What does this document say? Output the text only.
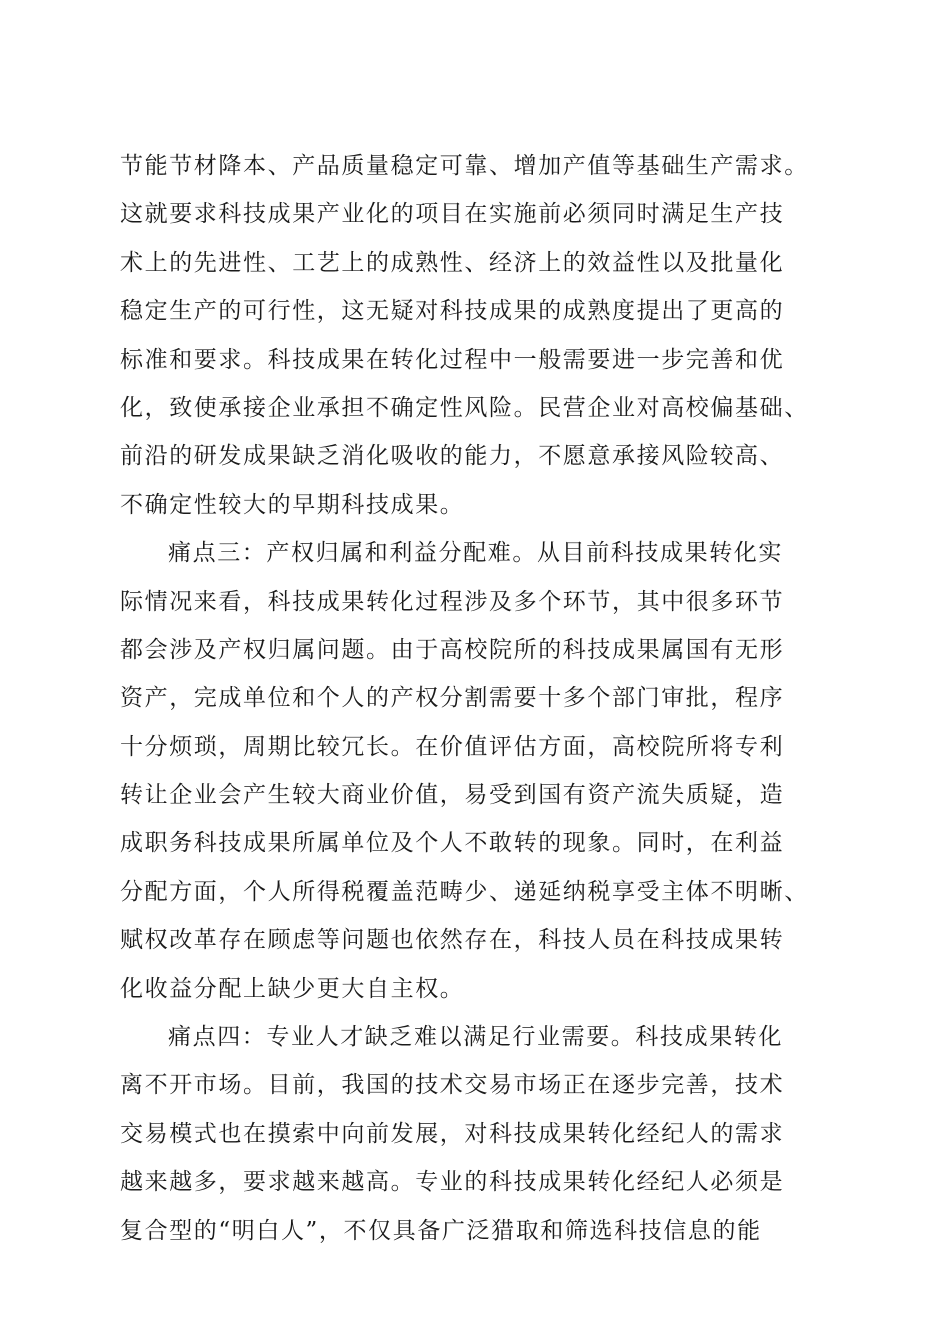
节能节材降本、产品质量稳定可靠、增加产值等基础生产需求。
这就要求科技成果产业化的项目在实施前必须同时满足生产技
术上的先进性、工艺上的成熟性、经济上的效益性以及批量化
稳定生产的可行性，这无疑对科技成果的成熟度提出了更高的
标准和要求。科技成果在转化过程中一般需要进一步完善和优
化，致使承接企业承担不确定性风险。民营企业对高校偏基础、
前沿的研发成果缺乏消化吸收的能力，不愿意承接风险较高、
不确定性较大的早期科技成果。
痛点三：产权归属和利益分配难。从目前科技成果转化实
际情况来看，科技成果转化过程涉及多个环节，其中很多环节
都会涉及产权归属问题。由于高校院所的科技成果属国有无形
资产，完成单位和个人的产权分割需要十多个部门审批，程序
十分烦琐，周期比较冗长。在价值评估方面，高校院所将专利
转让企业会产生较大商业价值，易受到国有资产流失质疑，造
成职务科技成果所属单位及个人不敢转的现象。同时，在利益
分配方面，个人所得税覆盖范畴少、递延纳税享受主体不明晰、
赋权改革存在顾虑等问题也依然存在，科技人员在科技成果转
化收益分配上缺少更大自主权。
痛点四：专业人才缺乏难以满足行业需要。科技成果转化
离不开市场。目前，我国的技术交易市场正在逐步完善，技术
交易模式也在摸索中向前发展，对科技成果转化经纪人的需求
越来越多，要求越来越高。专业的科技成果转化经纪人必须是
复合型的“明白人”，不仅具备广泛猎取和筛选科技信息的能
